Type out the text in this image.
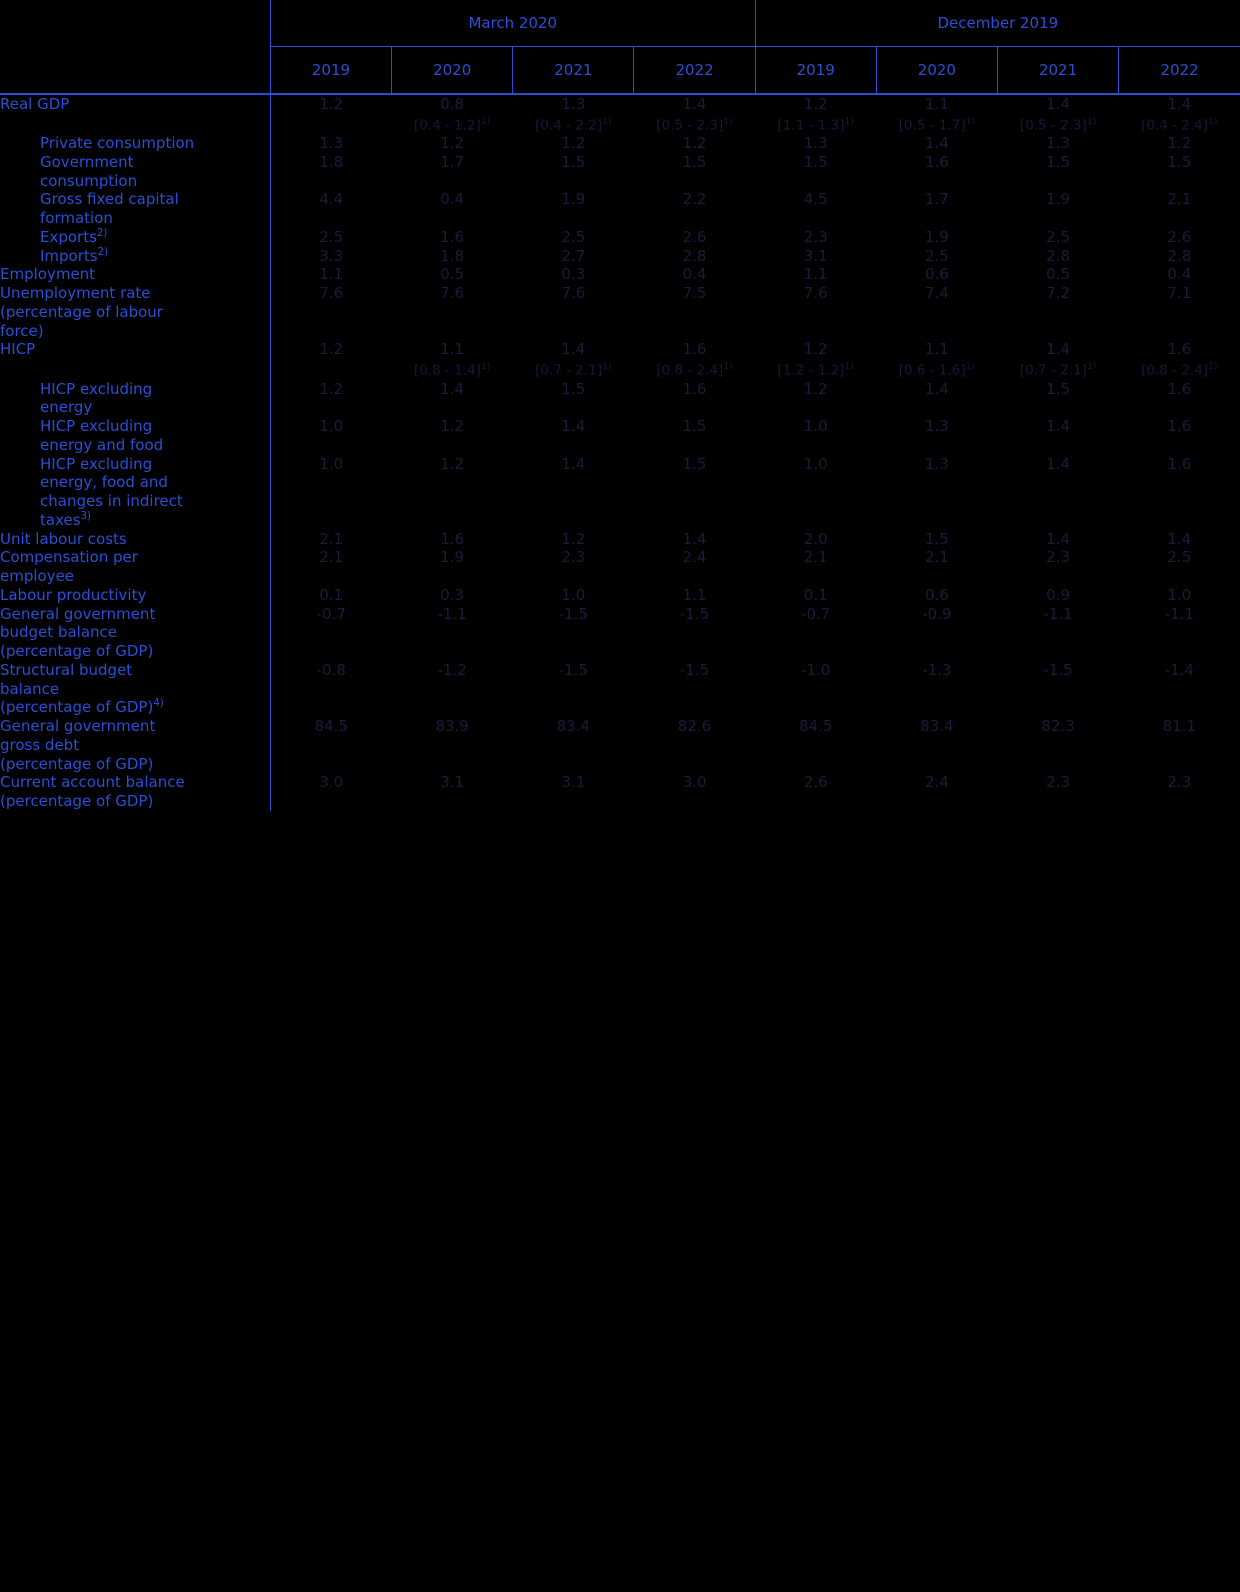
	March 2020				December 2019			
	2019	2020	2021	2022	2019	2020	2021	2022
Real GDP	1.2	0.8	1.3	1.4	1.2	1.1	1.4	1.4
		[0.4 - 1.2]$^{1)}$	[0.4 - 2.2]$^{1)}$	[0.5 - 2.3]$^{1)}$	[1.1 - 1.3]$^{1)}$	[0.5 - 1.7]$^{1)}$	[0.5 - 2.3]$^{1)}$	[0.4 - 2.4]$^{1)}$
Private consumption	1.3	1.2	1.2	1.2	1.3	1.4	1.3	1.2
Government
consumption	1.8	1.7	1.5	1.5	1.5	1.6	1.5	1.5
Gross fixed capital
formation	4.4	0.4	1.9	2.2	4.5	1.7	1.9	2.1
Exports$^{2)}$	2.5	1.6	2.5	2.6	2.3	1.9	2.5	2.6
Imports$^{2)}$	3.3	1.8	2.7	2.8	3.1	2.5	2.8	2.8
Employment	1.1	0.5	0.3	0.4	1.1	0.6	0.5	0.4
Unemployment rate
(percentage of labour
force)	7.6	7.6	7.6	7.5	7.6	7.4	7.2	7.1
HICP	1.2	1.1	1.4	1.6	1.2	1.1	1.4	1.6
		[0.8 - 1.4]$^{1)}$	[0.7 - 2.1]$^{1)}$	[0.8 - 2.4]$^{1)}$	[1.2 - 1.2]$^{1)}$	[0.6 - 1.6]$^{1)}$	[0.7 - 2.1]$^{1)}$	[0.8 - 2.4]$^{1)}$
HICP excluding
energy	1.2	1.4	1.5	1.6	1.2	1.4	1.5	1.6
HICP excluding
energy and food	1.0	1.2	1.4	1.5	1.0	1.3	1.4	1.6
HICP excluding
energy, food and
changes in indirect
taxes$^{3)}$	1.0	1.2	1.4	1.5	1.0	1.3	1.4	1.6
Unit labour costs	2.1	1.6	1.2	1.4	2.0	1.5	1.4	1.4
Compensation per
employee	2.1	1.9	2.3	2.4	2.1	2.1	2.3	2.5
Labour productivity	0.1	0.3	1.0	1.1	0.1	0.6	0.9	1.0
General government
budget balance
(percentage of GDP)	-0.7	-1.1	-1.5	-1.5	-0.7	-0.9	-1.1	-1.1
Structural budget
balance
(percentage of GDP)$^{4)}$	-0.8	-1.2	-1.5	-1.5	-1.0	-1.3	-1.5	-1.4
General government
gross debt
(percentage of GDP)	84.5	83.9	83.4	82.6	84.5	83.4	82.3	81.1
Current account balance
(percentage of GDP)	3.0	3.1	3.1	3.0	2.6	2.4	2.3	2.3
